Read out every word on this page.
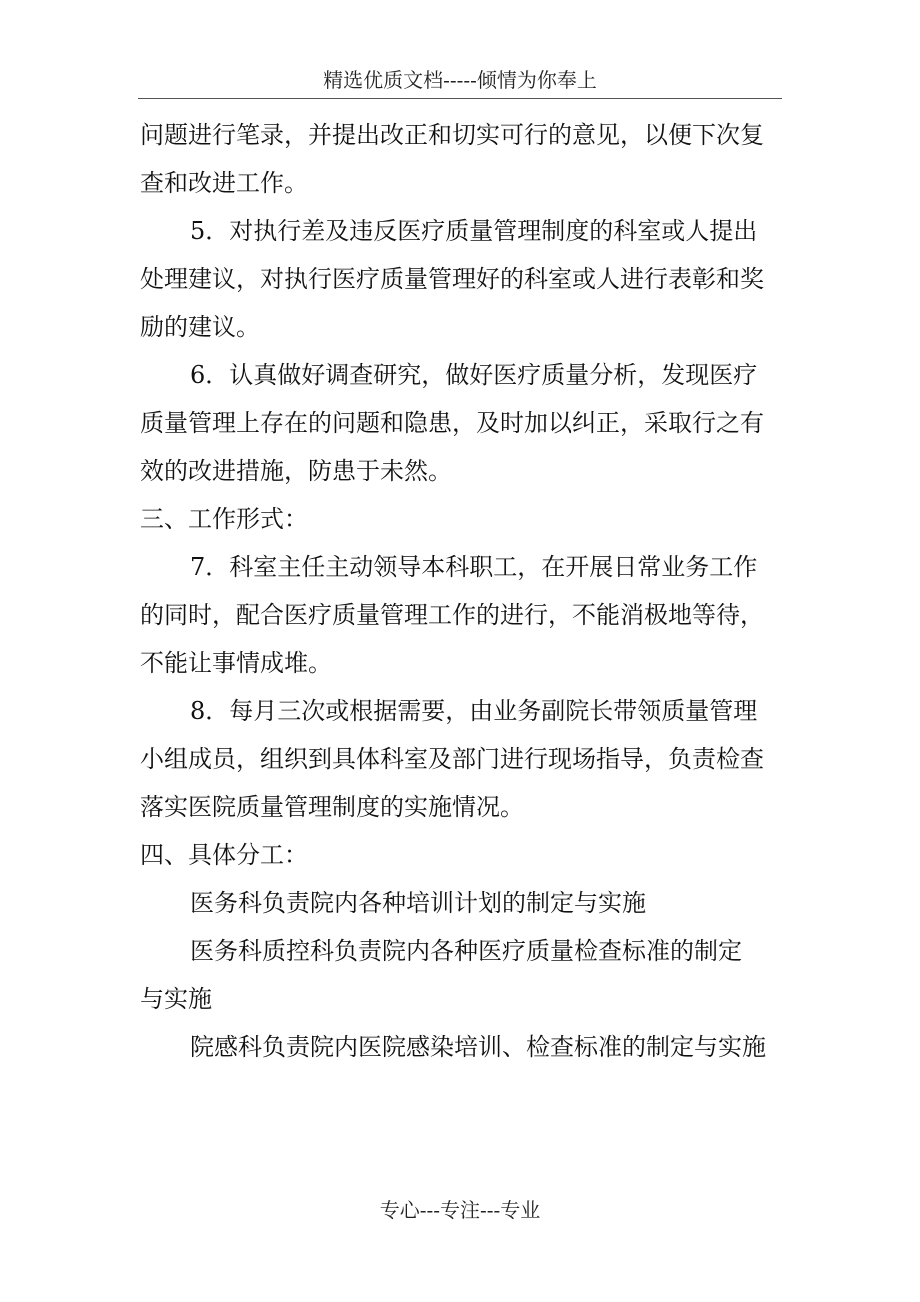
精选优质文档-----倾情为你奉上

问题进行笔录，并提出改正和切实可行的意见，以便下次复

查和改进工作。

5．对执行差及违反医疗质量管理制度的科室或人提出

处理建议，对执行医疗质量管理好的科室或人进行表彰和奖

励的建议。

6．认真做好调查研究，做好医疗质量分析，发现医疗

质量管理上存在的问题和隐患，及时加以纠正，采取行之有

效的改进措施，防患于未然。

三、工作形式：

7．科室主任主动领导本科职工，在开展日常业务工作

的同时，配合医疗质量管理工作的进行，不能消极地等待，

不能让事情成堆。

8．每月三次或根据需要，由业务副院长带领质量管理

小组成员，组织到具体科室及部门进行现场指导，负责检查

落实医院质量管理制度的实施情况。

四、具体分工：

医务科负责院内各种培训计划的制定与实施

医务科质控科负责院内各种医疗质量检查标准的制定

与实施

院感科负责院内医院感染培训、检查标准的制定与实施

专心---专注---专业
